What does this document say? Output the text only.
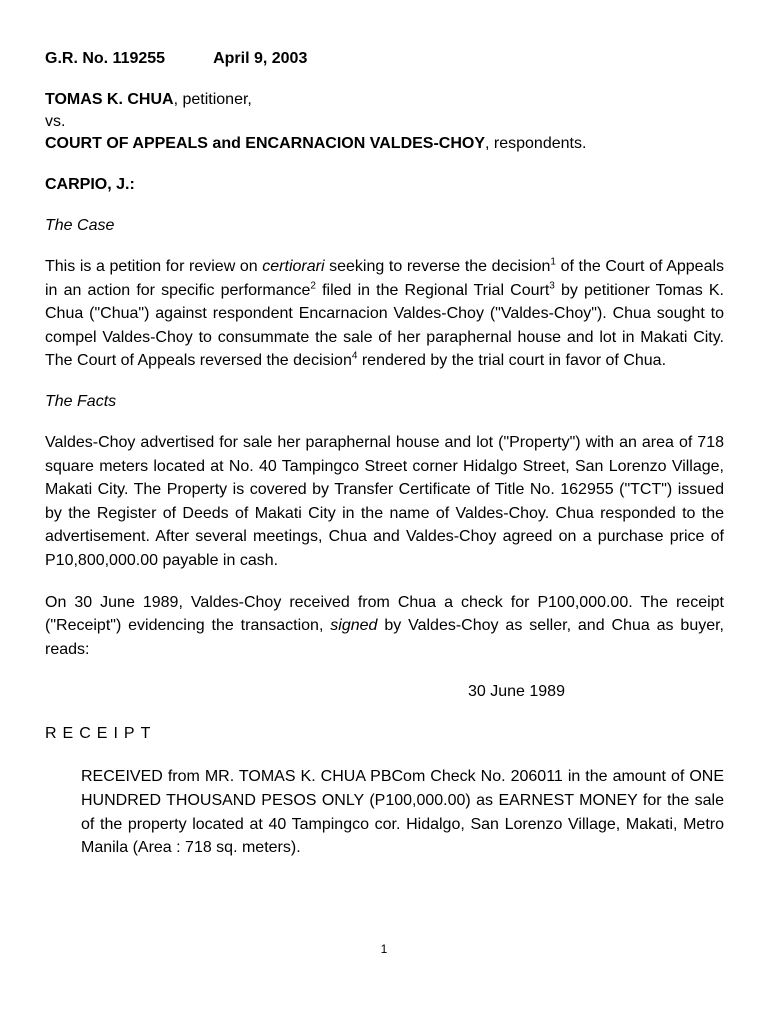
G.R. No. 119255	April 9, 2003

TOMAS K. CHUA, petitioner,

vs.

COURT OF APPEALS and ENCARNACION VALDES-CHOY, respondents.

CARPIO, J.:

The Case

This is a petition for review on certiorari seeking to reverse the decision$^1$ of the Court of Appeals in an action for specific performance$^2$ filed in the Regional Trial Court$^3$ by petitioner Tomas K. Chua ("Chua") against respondent Encarnacion Valdes-Choy ("Valdes-Choy"). Chua sought to compel Valdes-Choy to consummate the sale of her paraphernal house and lot in Makati City. The Court of Appeals reversed the decision$^4$ rendered by the trial court in favor of Chua.

The Facts

Valdes-Choy advertised for sale her paraphernal house and lot ("Property") with an area of 718 square meters located at No. 40 Tampingco Street corner Hidalgo Street, San Lorenzo Village, Makati City. The Property is covered by Transfer Certificate of Title No. 162955 ("TCT") issued by the Register of Deeds of Makati City in the name of Valdes-Choy. Chua responded to the advertisement. After several meetings, Chua and Valdes-Choy agreed on a purchase price of P10,800,000.00 payable in cash.

On 30 June 1989, Valdes-Choy received from Chua a check for P100,000.00. The receipt ("Receipt") evidencing the transaction, signed by Valdes-Choy as seller, and Chua as buyer, reads:

30 June 1989

RECEIPT

RECEIVED from MR. TOMAS K. CHUA PBCom Check No. 206011 in the amount of ONE HUNDRED THOUSAND PESOS ONLY (P100,000.00) as EARNEST MONEY for the sale of the property located at 40 Tampingco cor. Hidalgo, San Lorenzo Village, Makati, Metro Manila (Area : 718 sq. meters).

1
